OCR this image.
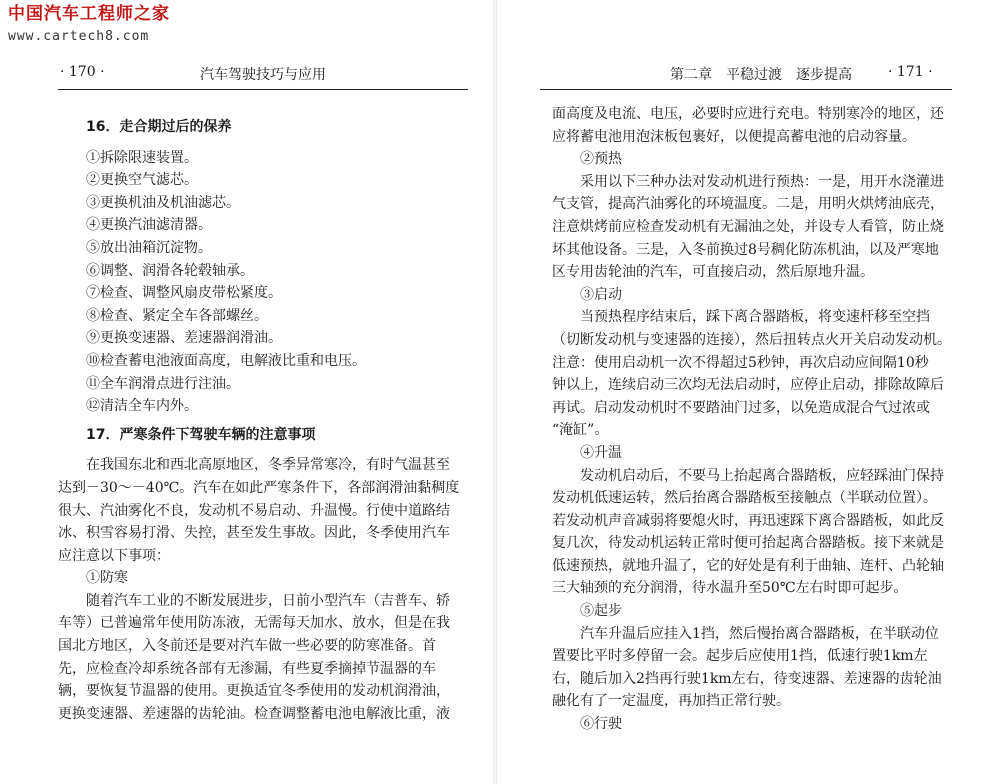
中国汽车工程师之家
www.cartech8.com
· 170 ·	汽车驾驶技巧与应用

16．走合期过后的保养

①拆除限速装置。

②更换空气滤芯。

③更换机油及机油滤芯。

④更换汽油滤清器。

⑤放出油箱沉淀物。

⑥调整、润滑各轮毂轴承。

⑦检查、调整风扇皮带松紧度。

⑧检查、紧定全车各部螺丝。

⑨更换变速器、差速器润滑油。

⑩检查蓄电池液面高度，电解液比重和电压。

⑪全车润滑点进行注油。

⑫清洁全车内外。

17．严寒条件下驾驶车辆的注意事项

在我国东北和西北高原地区，冬季异常寒冷，有时气温甚至

达到－30～－40℃。汽车在如此严寒条件下，各部润滑油黏稠度

很大、汽油雾化不良，发动机不易启动、升温慢。行使中道路结

冰、积雪容易打滑、失控，甚至发生事故。因此，冬季使用汽车

应注意以下事项：

①防寒

随着汽车工业的不断发展进步，日前小型汽车（吉普车、轿

车等）已普遍常年使用防冻液，无需每天加水、放水，但是在我

国北方地区，入冬前还是要对汽车做一些必要的防寒准备。首

先，应检查冷却系统各部有无渗漏，有些夏季摘掉节温器的车

辆，要恢复节温器的使用。更换适宜冬季使用的发动机润滑油，

更换变速器、差速器的齿轮油。检查调整蓄电池电解液比重，液

第二章　平稳过渡　逐步提高	· 171 ·

面高度及电流、电压，必要时应进行充电。特别寒冷的地区，还

应将蓄电池用泡沫板包裹好，以便提高蓄电池的启动容量。

②预热

采用以下三种办法对发动机进行预热：一是，用开水浇灌进

气支管，提高汽油雾化的环境温度。二是，用明火烘烤油底壳，

注意烘烤前应检查发动机有无漏油之处，并设专人看管，防止烧

坏其他设备。三是，入冬前换过8号稠化防冻机油，以及严寒地

区专用齿轮油的汽车，可直接启动，然后原地升温。

③启动

当预热程序结束后，踩下离合器踏板，将变速杆移至空挡

（切断发动机与变速器的连接），然后扭转点火开关启动发动机。

注意：使用启动机一次不得超过5秒钟，再次启动应间隔10秒

钟以上，连续启动三次均无法启动时，应停止启动，排除故障后

再试。启动发动机时不要踏油门过多，以免造成混合气过浓或

“淹缸”。

④升温

发动机启动后，不要马上抬起离合器踏板，应轻踩油门保持

发动机低速运转，然后抬离合器踏板至接触点（半联动位置）。

若发动机声音减弱将要熄火时，再迅速踩下离合器踏板，如此反

复几次，待发动机运转正常时便可抬起离合器踏板。接下来就是

低速预热，就地升温了，它的好处是有利于曲轴、连杆、凸轮轴

三大轴颈的充分润滑，待水温升至50℃左右时即可起步。

⑤起步

汽车升温后应挂入1挡，然后慢抬离合器踏板，在半联动位

置要比平时多停留一会。起步后应使用1挡，低速行驶1km左

右，随后加入2挡再行驶1km左右，待变速器、差速器的齿轮油

融化有了一定温度，再加挡正常行驶。

⑥行驶
